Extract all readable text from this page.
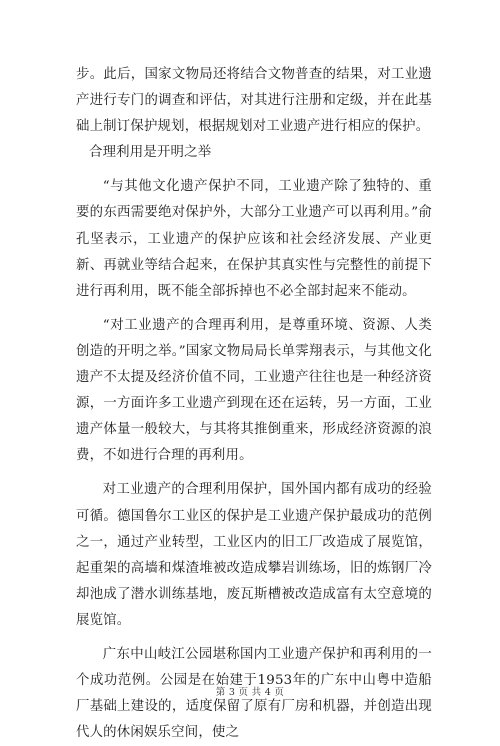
步。此后，国家文物局还将结合文物普查的结果，对工业遗产进行专门的调查和评估，对其进行注册和定级，并在此基础上制订保护规划，根据规划对工业遗产进行相应的保护。

合理利用是开明之举

“与其他文化遗产保护不同，工业遗产除了独特的、重要的东西需要绝对保护外，大部分工业遗产可以再利用。”俞孔坚表示，工业遗产的保护应该和社会经济发展、产业更新、再就业等结合起来，在保护其真实性与完整性的前提下进行再利用，既不能全部拆掉也不必全部封起来不能动。

“对工业遗产的合理再利用，是尊重环境、资源、人类创造的开明之举。”国家文物局局长单霁翔表示，与其他文化遗产不太提及经济价值不同，工业遗产往往也是一种经济资源，一方面许多工业遗产到现在还在运转，另一方面，工业遗产体量一般较大，与其将其推倒重来，形成经济资源的浪费，不如进行合理的再利用。

对工业遗产的合理利用保护，国外国内都有成功的经验可循。德国鲁尔工业区的保护是工业遗产保护最成功的范例之一，通过产业转型，工业区内的旧工厂改造成了展览馆，起重架的高墙和煤渣堆被改造成攀岩训练场，旧的炼钢厂冷却池成了潜水训练基地，废瓦斯槽被改造成富有太空意境的展览馆。

广东中山岐江公园堪称国内工业遗产保护和再利用的一个成功范例。公园是在始建于1953年的广东中山粤中造船厂基础上建设的，适度保留了原有厂房和机器，并创造出现代人的休闲娱乐空间，使之

第 3 页 共 4 页
